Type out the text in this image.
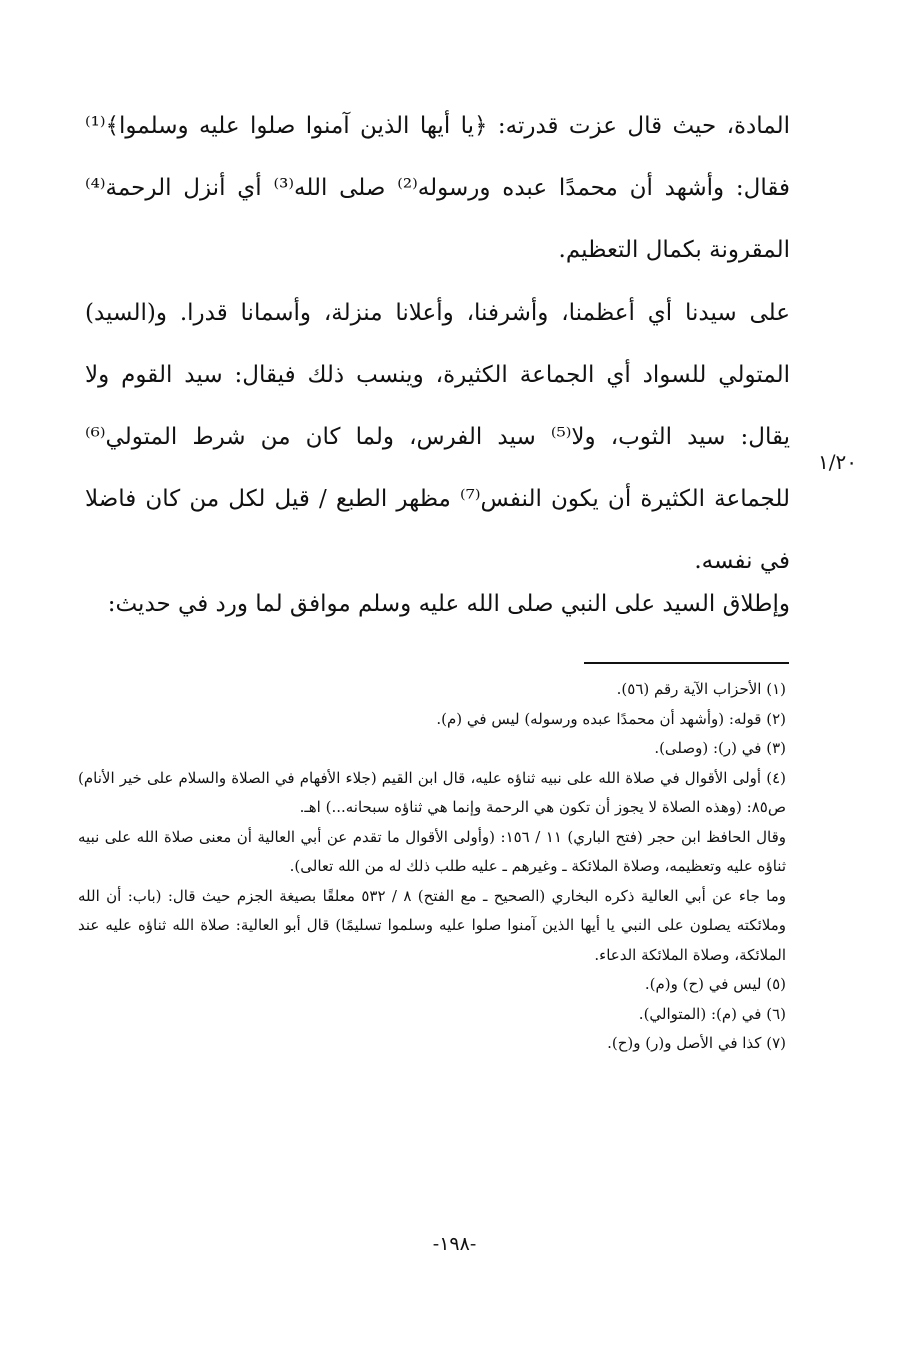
المادة، حيث قال عزت قدرته: ﴿يا أيها الذين آمنوا صلوا عليه وسلموا﴾⁽¹⁾ فقال: وأشهد أن محمدًا عبده ورسوله⁽²⁾ صلى الله⁽³⁾ أي أنزل الرحمة⁽⁴⁾ المقرونة بكمال التعظيم.

على سيدنا أي أعظمنا، وأشرفنا، وأعلانا منزلة، وأسمانا قدرا. و(السيد) المتولي للسواد أي الجماعة الكثيرة، وينسب ذلك فيقال: سيد القوم ولا يقال: سيد الثوب، ولا⁽⁵⁾ سيد الفرس، ولما كان من شرط المتولي⁽⁶⁾ للجماعة الكثيرة أن يكون النفس⁽⁷⁾ مظهر الطبع / قيل لكل من كان فاضلا في نفسه.

١/٢٠

وإطلاق السيد على النبي صلى الله عليه وسلم موافق لما ورد في حديث:

(١) الأحزاب الآية رقم (٥٦).

(٢) قوله: (وأشهد أن محمدًا عبده ورسوله) ليس في (م).

(٣) في (ر): (وصلى).

(٤) أولى الأقوال في صلاة الله على نبيه ثناؤه عليه، قال ابن القيم (جلاء الأفهام في الصلاة والسلام على خير الأنام) ص٨٥: (وهذه الصلاة لا يجوز أن تكون هي الرحمة وإنما هي ثناؤه سبحانه...) اهـ.

وقال الحافظ ابن حجر (فتح الباري) ١١ / ١٥٦: (وأولى الأقوال ما تقدم عن أبي العالية أن معنى صلاة الله على نبيه ثناؤه عليه وتعظيمه، وصلاة الملائكة ـ وغيرهم ـ عليه طلب ذلك له من الله تعالى).

وما جاء عن أبي العالية ذكره البخاري (الصحيح ـ مع الفتح) ٨ / ٥٣٢ معلقًا بصيغة الجزم حيث قال: (باب: أن الله وملائكته يصلون على النبي يا أيها الذين آمنوا صلوا عليه وسلموا تسليمًا) قال أبو العالية: صلاة الله ثناؤه عليه عند الملائكة، وصلاة الملائكة الدعاء.

(٥) ليس في (ح) و(م).

(٦) في (م): (المتوالي).

(٧) كذا في الأصل و(ر) و(ح).

-١٩٨-
